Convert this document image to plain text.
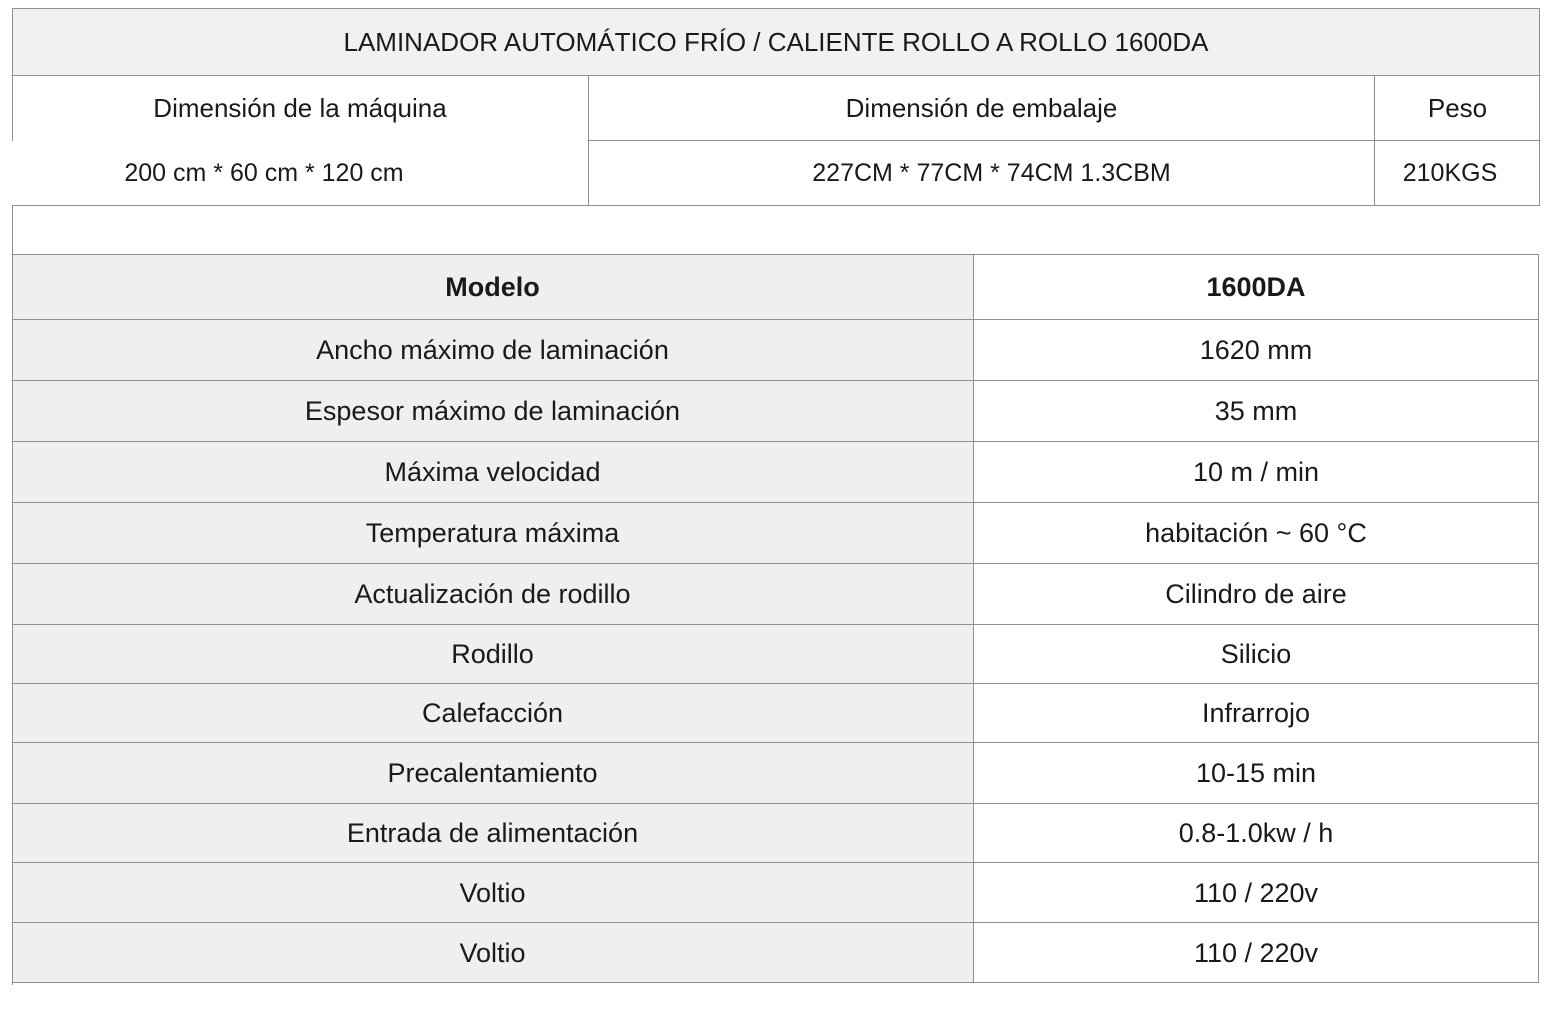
LAMINADOR AUTOMÁTICO FRÍO / CALIENTE ROLLO A ROLLO 1600DA
Dimensión de la máquina	Dimensión de embalaje	Peso
200 cm * 60 cm * 120 cm	227CM * 77CM * 74CM 1.3CBM	210KGS
Modelo	1600DA
Ancho máximo de laminación	1620 mm
Espesor máximo de laminación	35 mm
Máxima velocidad	10 m / min
Temperatura máxima	habitación ~ 60 °C
Actualización de rodillo	Cilindro de aire
Rodillo	Silicio
Calefacción	Infrarrojo
Precalentamiento	10-15 min
Entrada de alimentación	0.8-1.0kw / h
Voltio	110 / 220v
Voltio	110 / 220v
